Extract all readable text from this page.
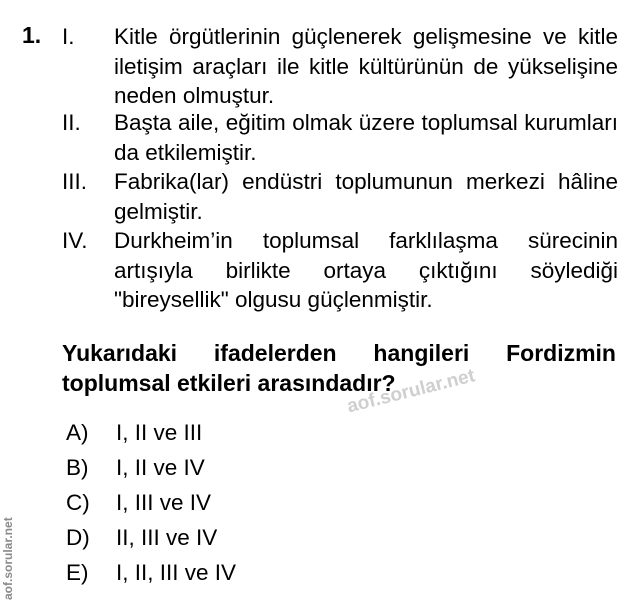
1. I. Kitle örgütlerinin güçlenerek gelişmesine ve kitle iletişim araçları ile kitle kültürünün de yükselişine neden olmuştur.
II. Başta aile, eğitim olmak üzere toplumsal kurumları da etkilemiştir.
III. Fabrika(lar) endüstri toplumunun merkezi hâline gelmiştir.
IV. Durkheim’in toplumsal farklılaşma sürecinin artışıyla birlikte ortaya çıktığını söylediği "bireysellik" olgusu güçlenmiştir.
Yukarıdaki ifadelerden hangileri Fordizmin toplumsal etkileri arasındadır?
aof.sorular.net
aof.sorular.net
A) I, II ve III
B) I, II ve IV
C) I, III ve IV
D) II, III ve IV
E) I, II, III ve IV
